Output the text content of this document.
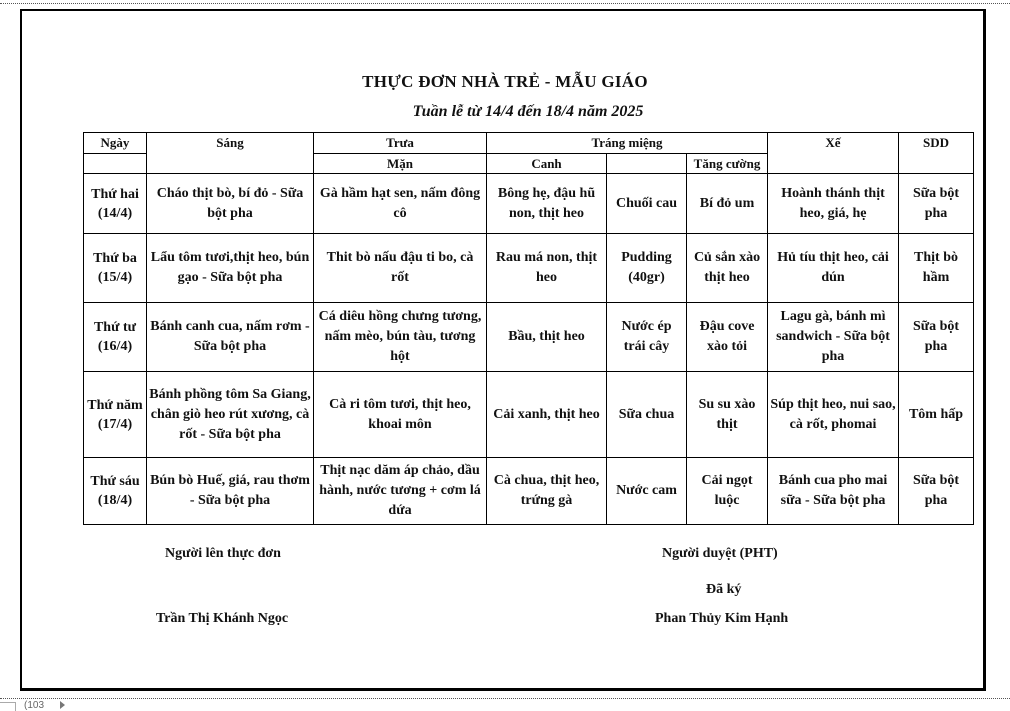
THỰC ĐƠN NHÀ TRẺ - MẪU GIÁO
Tuần lễ từ 14/4 đến 18/4 năm 2025
Ngày	Sáng	Trưa	Tráng miệng			Xế	SDD
		Mặn	Canh		Tăng cường		
Thứ hai (14/4)	Cháo thịt bò, bí đỏ - Sữa bột pha	Gà hầm hạt sen, nấm đông cô	Bông hẹ, đậu hũ non, thịt heo	Chuối cau	Bí đỏ um	Hoành thánh thịt heo, giá, hẹ	Sữa bột pha
Thứ ba (15/4)	Lẩu tôm tươi,thịt heo, bún gạo - Sữa bột pha	Thit bò nấu đậu ti bo, cà rốt	Rau má non, thịt heo	Pudding (40gr)	Củ sắn xào thịt heo	Hủ tíu thịt heo, cải dún	Thịt bò hầm
Thứ tư (16/4)	Bánh canh cua, nấm rơm - Sữa bột pha	Cá diêu hồng chưng tương, nấm mèo, bún tàu, tương hột	Bầu, thịt heo	Nước ép trái cây	Đậu cove xào tỏi	Lagu gà, bánh mì sandwich - Sữa bột pha	Sữa bột pha
Thứ năm (17/4)	Bánh phồng tôm Sa Giang, chân giò heo rút xương, cà rốt - Sữa bột pha	Cà ri tôm tươi, thịt heo, khoai môn	Cải xanh, thịt heo	Sữa chua	Su su xào thịt	Súp thịt heo, nui sao, cà rốt, phomai	Tôm hấp
Thứ sáu (18/4)	Bún bò Huế, giá, rau thơm - Sữa bột pha	Thịt nạc dăm áp chảo, dầu hành, nước tương + cơm lá dứa	Cà chua, thịt heo, trứng gà	Nước cam	Cải ngọt luộc	Bánh cua pho mai sữa - Sữa bột pha	Sữa bột pha
Người lên thực đơn
Trần Thị Khánh Ngọc
Người duyệt (PHT)
Đã ký
Phan Thủy Kim Hạnh
(103
